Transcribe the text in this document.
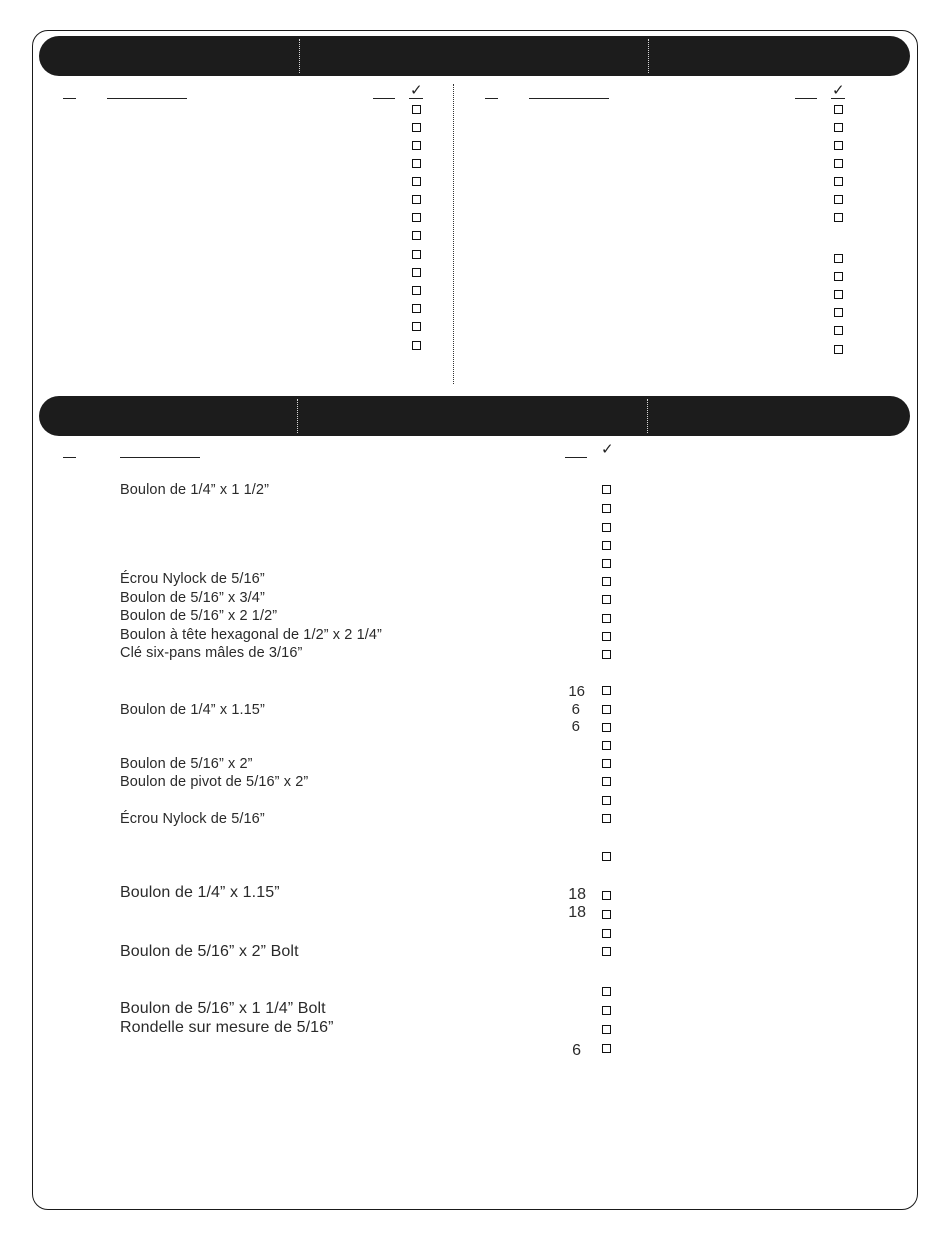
✓	✓
✓
Boulon de 1/4” x 1 1/2”
Écrou Nylock de 5/16”
Boulon de 5/16” x 3/4”
Boulon de 5/16” x 2 1/2”
Boulon à tête hexagonal de 1/2” x 2 1/4”
Clé six-pans mâles de 3/16”
Boulon de 1/4” x 1.15”
Boulon de 5/16” x 2”
Boulon de pivot de 5/16” x 2”
Écrou Nylock de 5/16”
Boulon de 1/4” x 1.15”
Boulon de 5/16” x 2” Bolt
Boulon de 5/16” x 1 1/4” Bolt
Rondelle sur mesure de 5/16”
16
6
6
18
18
6
